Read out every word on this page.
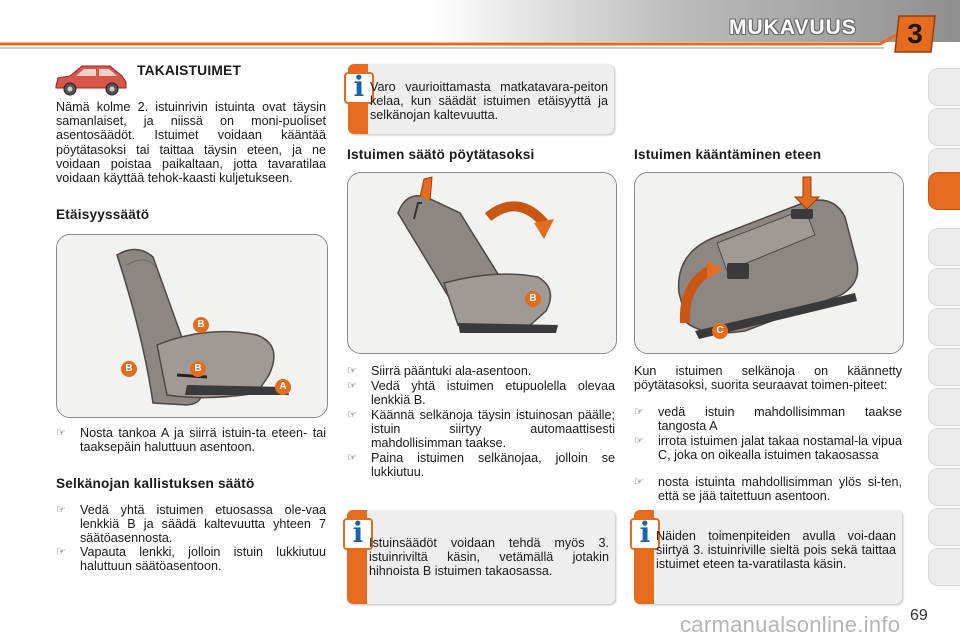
MUKAVUUS	3
TAKAISTUIMET
Nämä kolme 2. istuinrivin istuinta ovat täysin samanlaiset, ja niissä on moni-puoliset asentosäädöt. Istuimet voidaan kääntää pöytätasoksi tai taittaa täysin eteen, ja ne voidaan poistaa paikaltaan, jotta tavaratilaa voidaan käyttää tehok-kaasti kuljetukseen.
Etäisyyssäätö
B
B	B
A
☞ Nosta tankoa A ja siirrä istuin-ta eteen- tai taaksepäin haluttuun asentoon.
Selkänojan kallistuksen säätö
☞ Vedä yhtä istuimen etuosassa ole-vaa lenkkiä B ja säädä kaltevuutta yhteen 7 säätöasennosta.
☞ Vapauta lenkki, jolloin istuin lukkiutuu haluttuun säätöasentoon.
i Varo vaurioittamasta matkatavara-peiton kelaa, kun säädät istuimen etäisyyttä ja selkänojan kaltevuutta.
Istuimen säätö pöytätasoksi
B
☞ Siirrä pääntuki ala-asentoon.
☞ Vedä yhtä istuimen etupuolella olevaa lenkkiä B.
☞ Käännä selkänoja täysin istuinosan päälle; istuin siirtyy automaattisesti mahdollisimman taakse.
☞ Paina istuimen selkänojaa, jolloin se lukkiutuu.
i Istuinsäädöt voidaan tehdä myös 3. istuinriviltä käsin, vetämällä jotakin hihnoista B istuimen takaosassa.
Istuimen kääntäminen eteen
C
Kun istuimen selkänoja on käännetty pöytätasoksi, suorita seuraavat toimen-piteet:
☞ vedä istuin mahdollisimman taakse tangosta A
☞ irrota istuimen jalat takaa nostamal-la vipua C, joka on oikealla istuimen takaosassa
☞ nosta istuinta mahdollisimman ylös si-ten, että se jää taitettuun asentoon.
i Näiden toimenpiteiden avulla voi-daan siirtyä 3. istuinriville sieltä pois sekä taittaa istuimet eteen ta-varatilasta käsin.
carmanualsonline.info 69
